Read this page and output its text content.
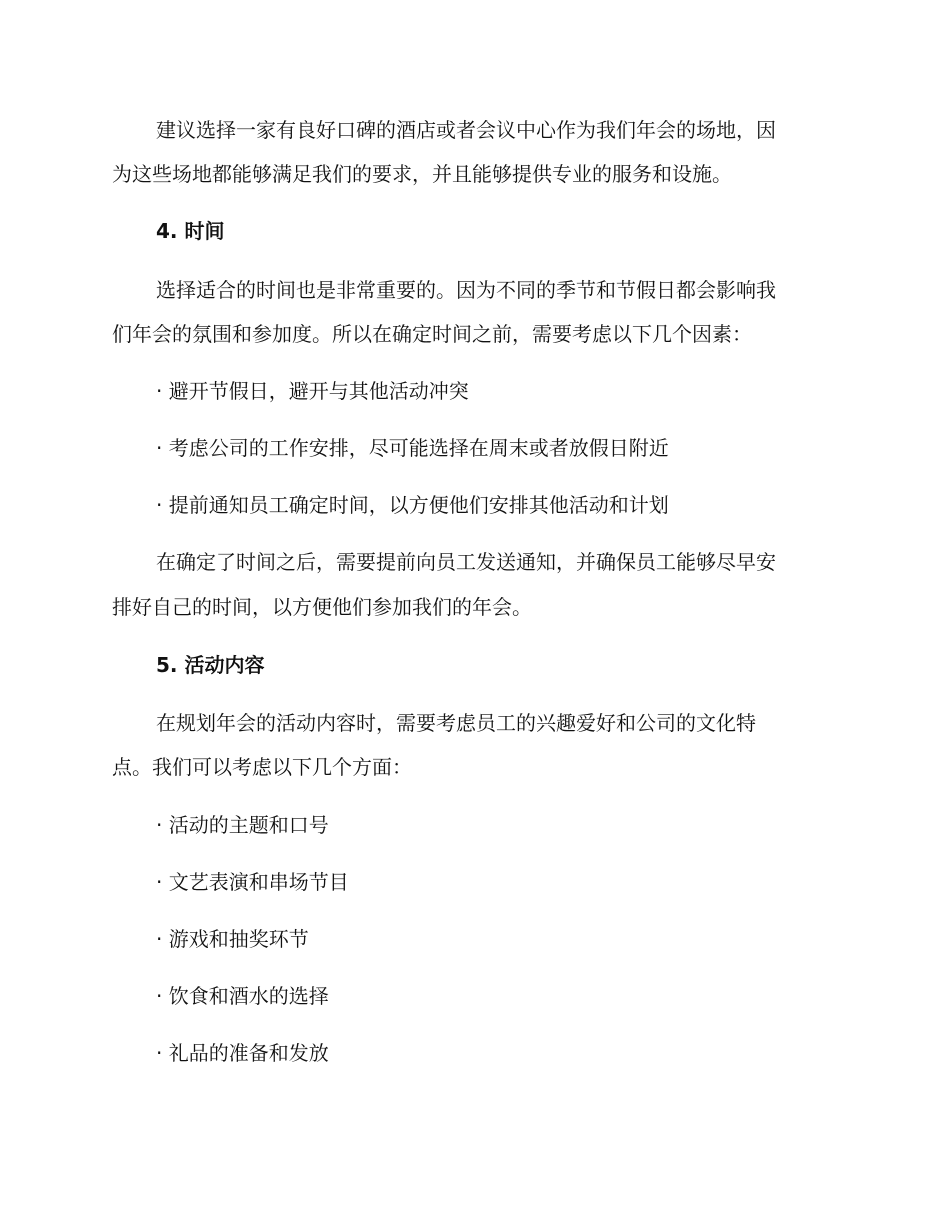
建议选择一家有良好口碑的酒店或者会议中心作为我们年会的场地，因
为这些场地都能够满足我们的要求，并且能够提供专业的服务和设施。
4. 时间
选择适合的时间也是非常重要的。因为不同的季节和节假日都会影响我
们年会的氛围和参加度。所以在确定时间之前，需要考虑以下几个因素：
· 避开节假日，避开与其他活动冲突
· 考虑公司的工作安排，尽可能选择在周末或者放假日附近
· 提前通知员工确定时间，以方便他们安排其他活动和计划
在确定了时间之后，需要提前向员工发送通知，并确保员工能够尽早安
排好自己的时间，以方便他们参加我们的年会。
5. 活动内容
在规划年会的活动内容时，需要考虑员工的兴趣爱好和公司的文化特
点。我们可以考虑以下几个方面：
· 活动的主题和口号
· 文艺表演和串场节目
· 游戏和抽奖环节
· 饮食和酒水的选择
· 礼品的准备和发放
